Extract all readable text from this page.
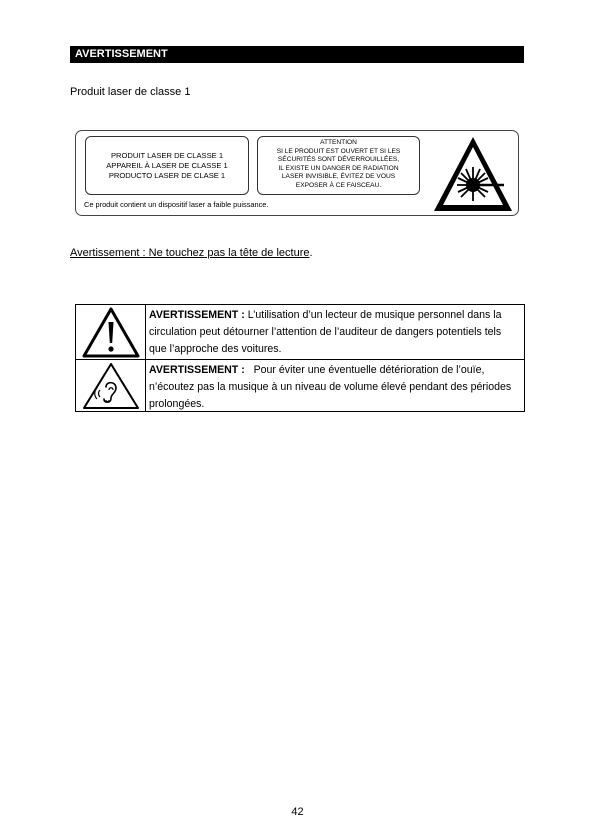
AVERTISSEMENT
Produit laser de classe 1
PRODUIT LASER DE CLASSE 1
APPAREIL À LASER DE CLASSE 1
PRODUCTO LASER DE CLASE 1
ATTENTION
SI LE PRODUIT EST OUVERT ET SI LES
SÉCURITÉS SONT DÉVERROUILLÉES,
IL EXISTE UN DANGER DE RADIATION
LASER INVISIBLE, ÉVITEZ DE VOUS
EXPOSER À CE FAISCEAU.
Ce produit contient un dispositif laser a faible puissance.
Avertissement : Ne touchez pas la tête de lecture.
AVERTISSEMENT : L’utilisation d’un lecteur de musique personnel dans la
circulation peut détourner l’attention de l’auditeur de dangers potentiels tels
que l’approche des voitures.
AVERTISSEMENT :   Pour éviter une éventuelle détérioration de l’ouïe,
n’écoutez pas la musique à un niveau de volume élevé pendant des périodes
prolongées.
42
